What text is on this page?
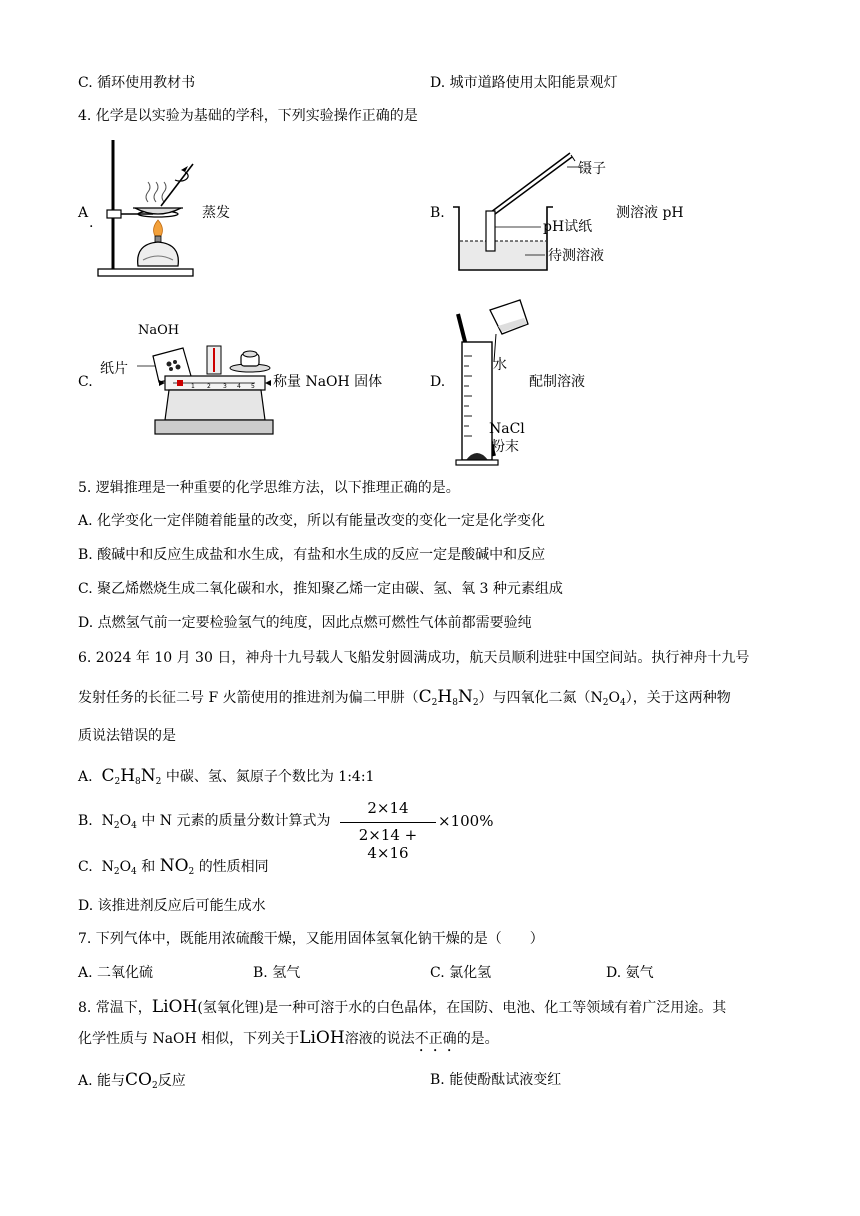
C. 循环使用教材书	D. 城市道路使用太阳能景观灯
4. 化学是以实验为基础的学科，下列实验操作正确的是
A
.
蒸发	B.	测溶液 pH
镊子
pH试纸
待测溶液
C.	称量 NaOH 固体
NaOH
纸片
1 2 3 4 5	D.	配制溶液
水
NaCl
粉末
5. 逻辑推理是一种重要的化学思维方法，以下推理正确的是。
A. 化学变化一定伴随着能量的改变，所以有能量改变的变化一定是化学变化
B. 酸碱中和反应生成盐和水生成，有盐和水生成的反应一定是酸碱中和反应
C. 聚乙烯燃烧生成二氧化碳和水，推知聚乙烯一定由碳、氢、氧 3 种元素组成
D. 点燃氢气前一定要检验氢气的纯度，因此点燃可燃性气体前都需要验纯
6. 2024 年 10 月 30 日，神舟十九号载人飞船发射圆满成功，航天员顺利进驻中国空间站。执行神舟十九号
发射任务的长征二号 F 火箭使用的推进剂为偏二甲肼$(C_2H_8N_2)$与四氧化二氮$(N_2O_4)$，关于这两种物
质说法错误的是
A. $C_2H_8N_2$ 中碳、氢、氮原子个数比为 1:4:1
B.  $N_2O_4$ 中 N 元素的质量分数计算式为
2×14
2×14 + 4×16
×100%
C.  $N_2O_4$ 和 $NO_2$ 的性质相同
D. 该推进剂反应后可能生成水
7. 下列气体中，既能用浓硫酸干燥，又能用固体氢氧化钠干燥的是（　　）
A. 二氧化硫	B. 氢气	C. 氯化氢	D. 氨气
8. 常温下，LiOH(氢氧化锂)是一种可溶于水的白色晶体，在国防、电池、化工等领域有着广泛用途。其
化学性质与 NaOH 相似，下列关于LiOH溶液的说法不正确的是。
A. 能与$CO_2$反应	B. 能使酚酞试液变红
